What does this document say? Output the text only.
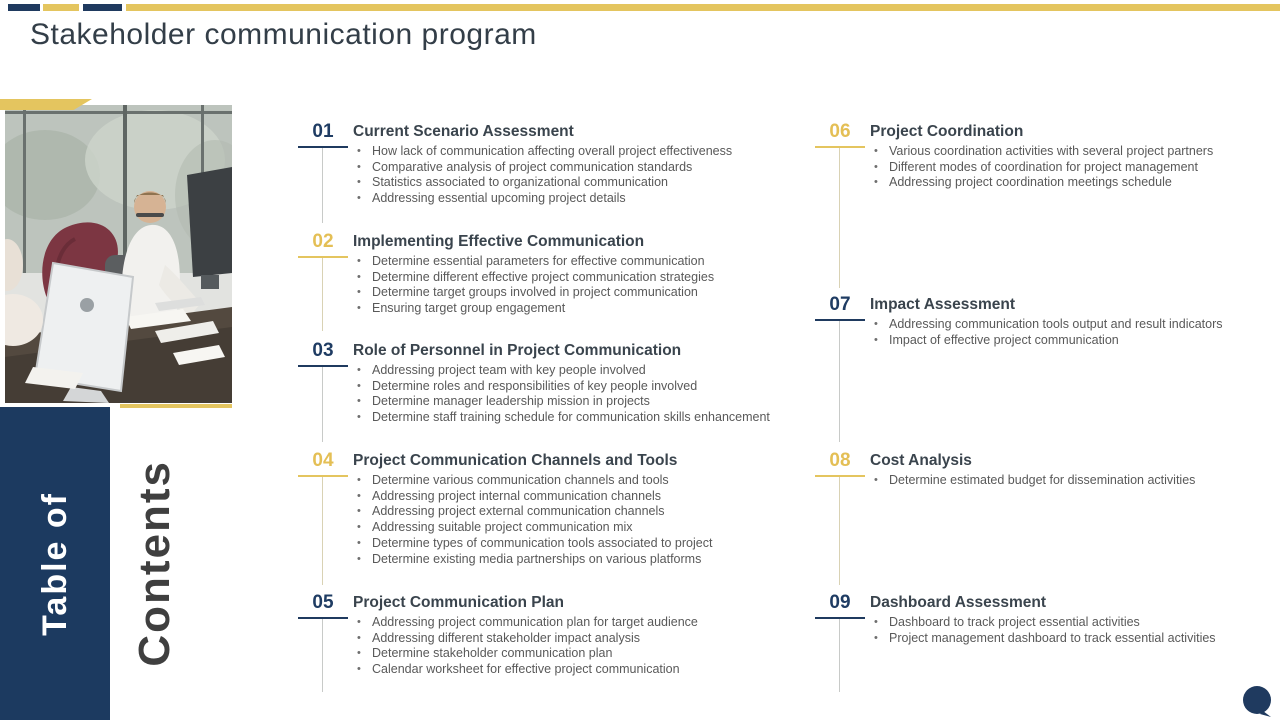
Stakeholder communication program
Table of Contents
01	Current Scenario Assessment
• How lack of communication affecting overall project effectiveness
• Comparative analysis of project communication standards
• Statistics associated to organizational communication
• Addressing essential upcoming project details
02	Implementing Effective Communication
• Determine essential parameters for effective communication
• Determine different effective project communication strategies
• Determine target groups involved in project communication
• Ensuring target group engagement
03	Role of Personnel in Project Communication
• Addressing project team with key people involved
• Determine roles and responsibilities of key people involved
• Determine manager leadership mission in projects
• Determine staff training schedule for communication skills enhancement
04	Project Communication Channels and Tools
• Determine various communication channels and tools
• Addressing project internal communication channels
• Addressing project external communication channels
• Addressing suitable project communication mix
• Determine types of communication tools associated to project
• Determine existing media partnerships on various platforms
05	Project Communication Plan
• Addressing project communication plan for target audience
• Addressing different stakeholder impact analysis
• Determine stakeholder communication plan
• Calendar worksheet for effective project communication
06	Project Coordination
• Various coordination activities with several project partners
• Different modes of coordination for project management
• Addressing project coordination meetings schedule
07	Impact Assessment
• Addressing communication tools output and result indicators
• Impact of effective project communication
08	Cost Analysis
• Determine estimated budget for dissemination activities
09	Dashboard Assessment
• Dashboard to track project essential activities
• Project management dashboard to track essential activities
